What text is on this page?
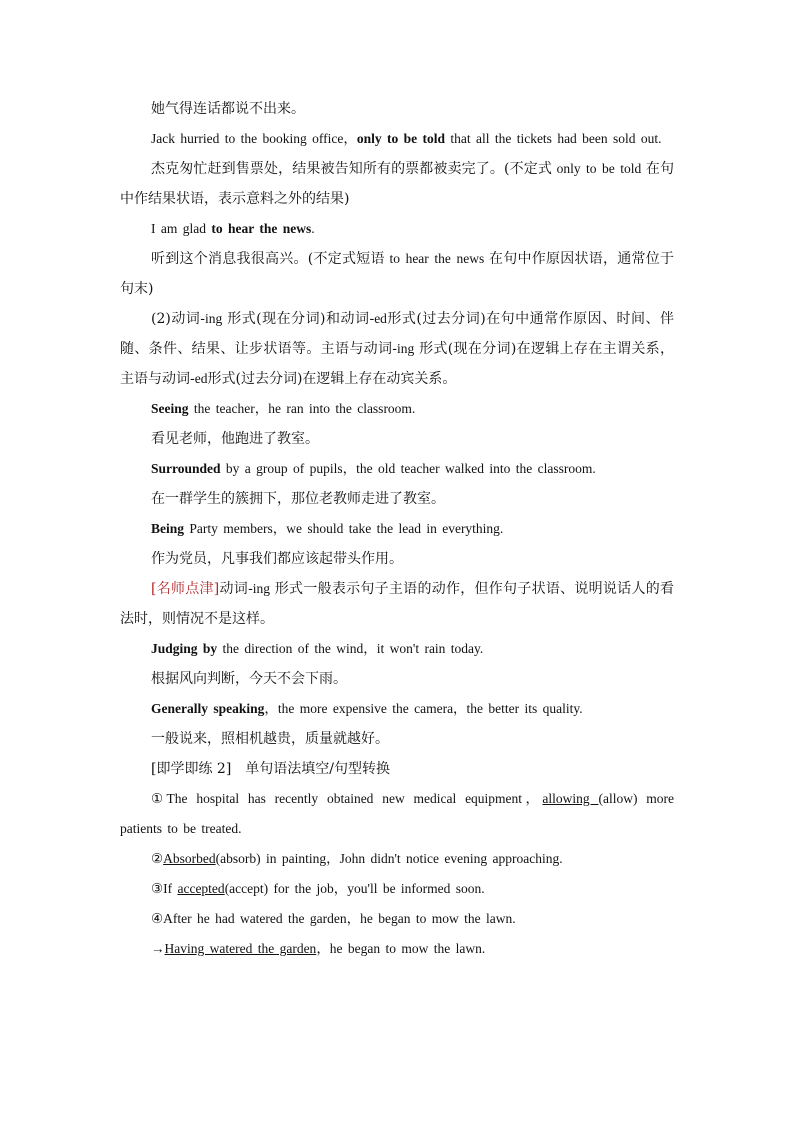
她气得连话都说不出来。

Jack hurried to the booking office，only to be told that all the tickets had been sold out.

杰克匆忙赶到售票处，结果被告知所有的票都被卖完了。(不定式 only to be told 在句中作结果状语，表示意料之外的结果)

I am glad to hear the news.

听到这个消息我很高兴。(不定式短语 to hear the news 在句中作原因状语，通常位于句末)

(2)动词-ing 形式(现在分词)和动词-ed形式(过去分词)在句中通常作原因、时间、伴随、条件、结果、让步状语等。主语与动词-ing 形式(现在分词)在逻辑上存在主谓关系，主语与动词-ed形式(过去分词)在逻辑上存在动宾关系。

Seeing the teacher，he ran into the classroom.

看见老师，他跑进了教室。

Surrounded by a group of pupils，the old teacher walked into the classroom.

在一群学生的簇拥下，那位老教师走进了教室。

Being Party members，we should take the lead in everything.

作为党员，凡事我们都应该起带头作用。

[名师点津]动词-ing 形式一般表示句子主语的动作，但作句子状语、说明说话人的看法时，则情况不是这样。

Judging by the direction of the wind，it won't rain today.

根据风向判断，今天不会下雨。

Generally speaking，the more expensive the camera，the better its quality.

一般说来，照相机越贵，质量就越好。

[即学即练 2]　单句语法填空/句型转换

①The hospital has recently obtained new medical equipment，allowing (allow) more patients to be treated.

②Absorbed(absorb) in painting，John didn't notice evening approaching.

③If accepted(accept) for the job，you'll be informed soon.

④After he had watered the garden，he began to mow the lawn.

→Having watered the garden，he began to mow the lawn.
